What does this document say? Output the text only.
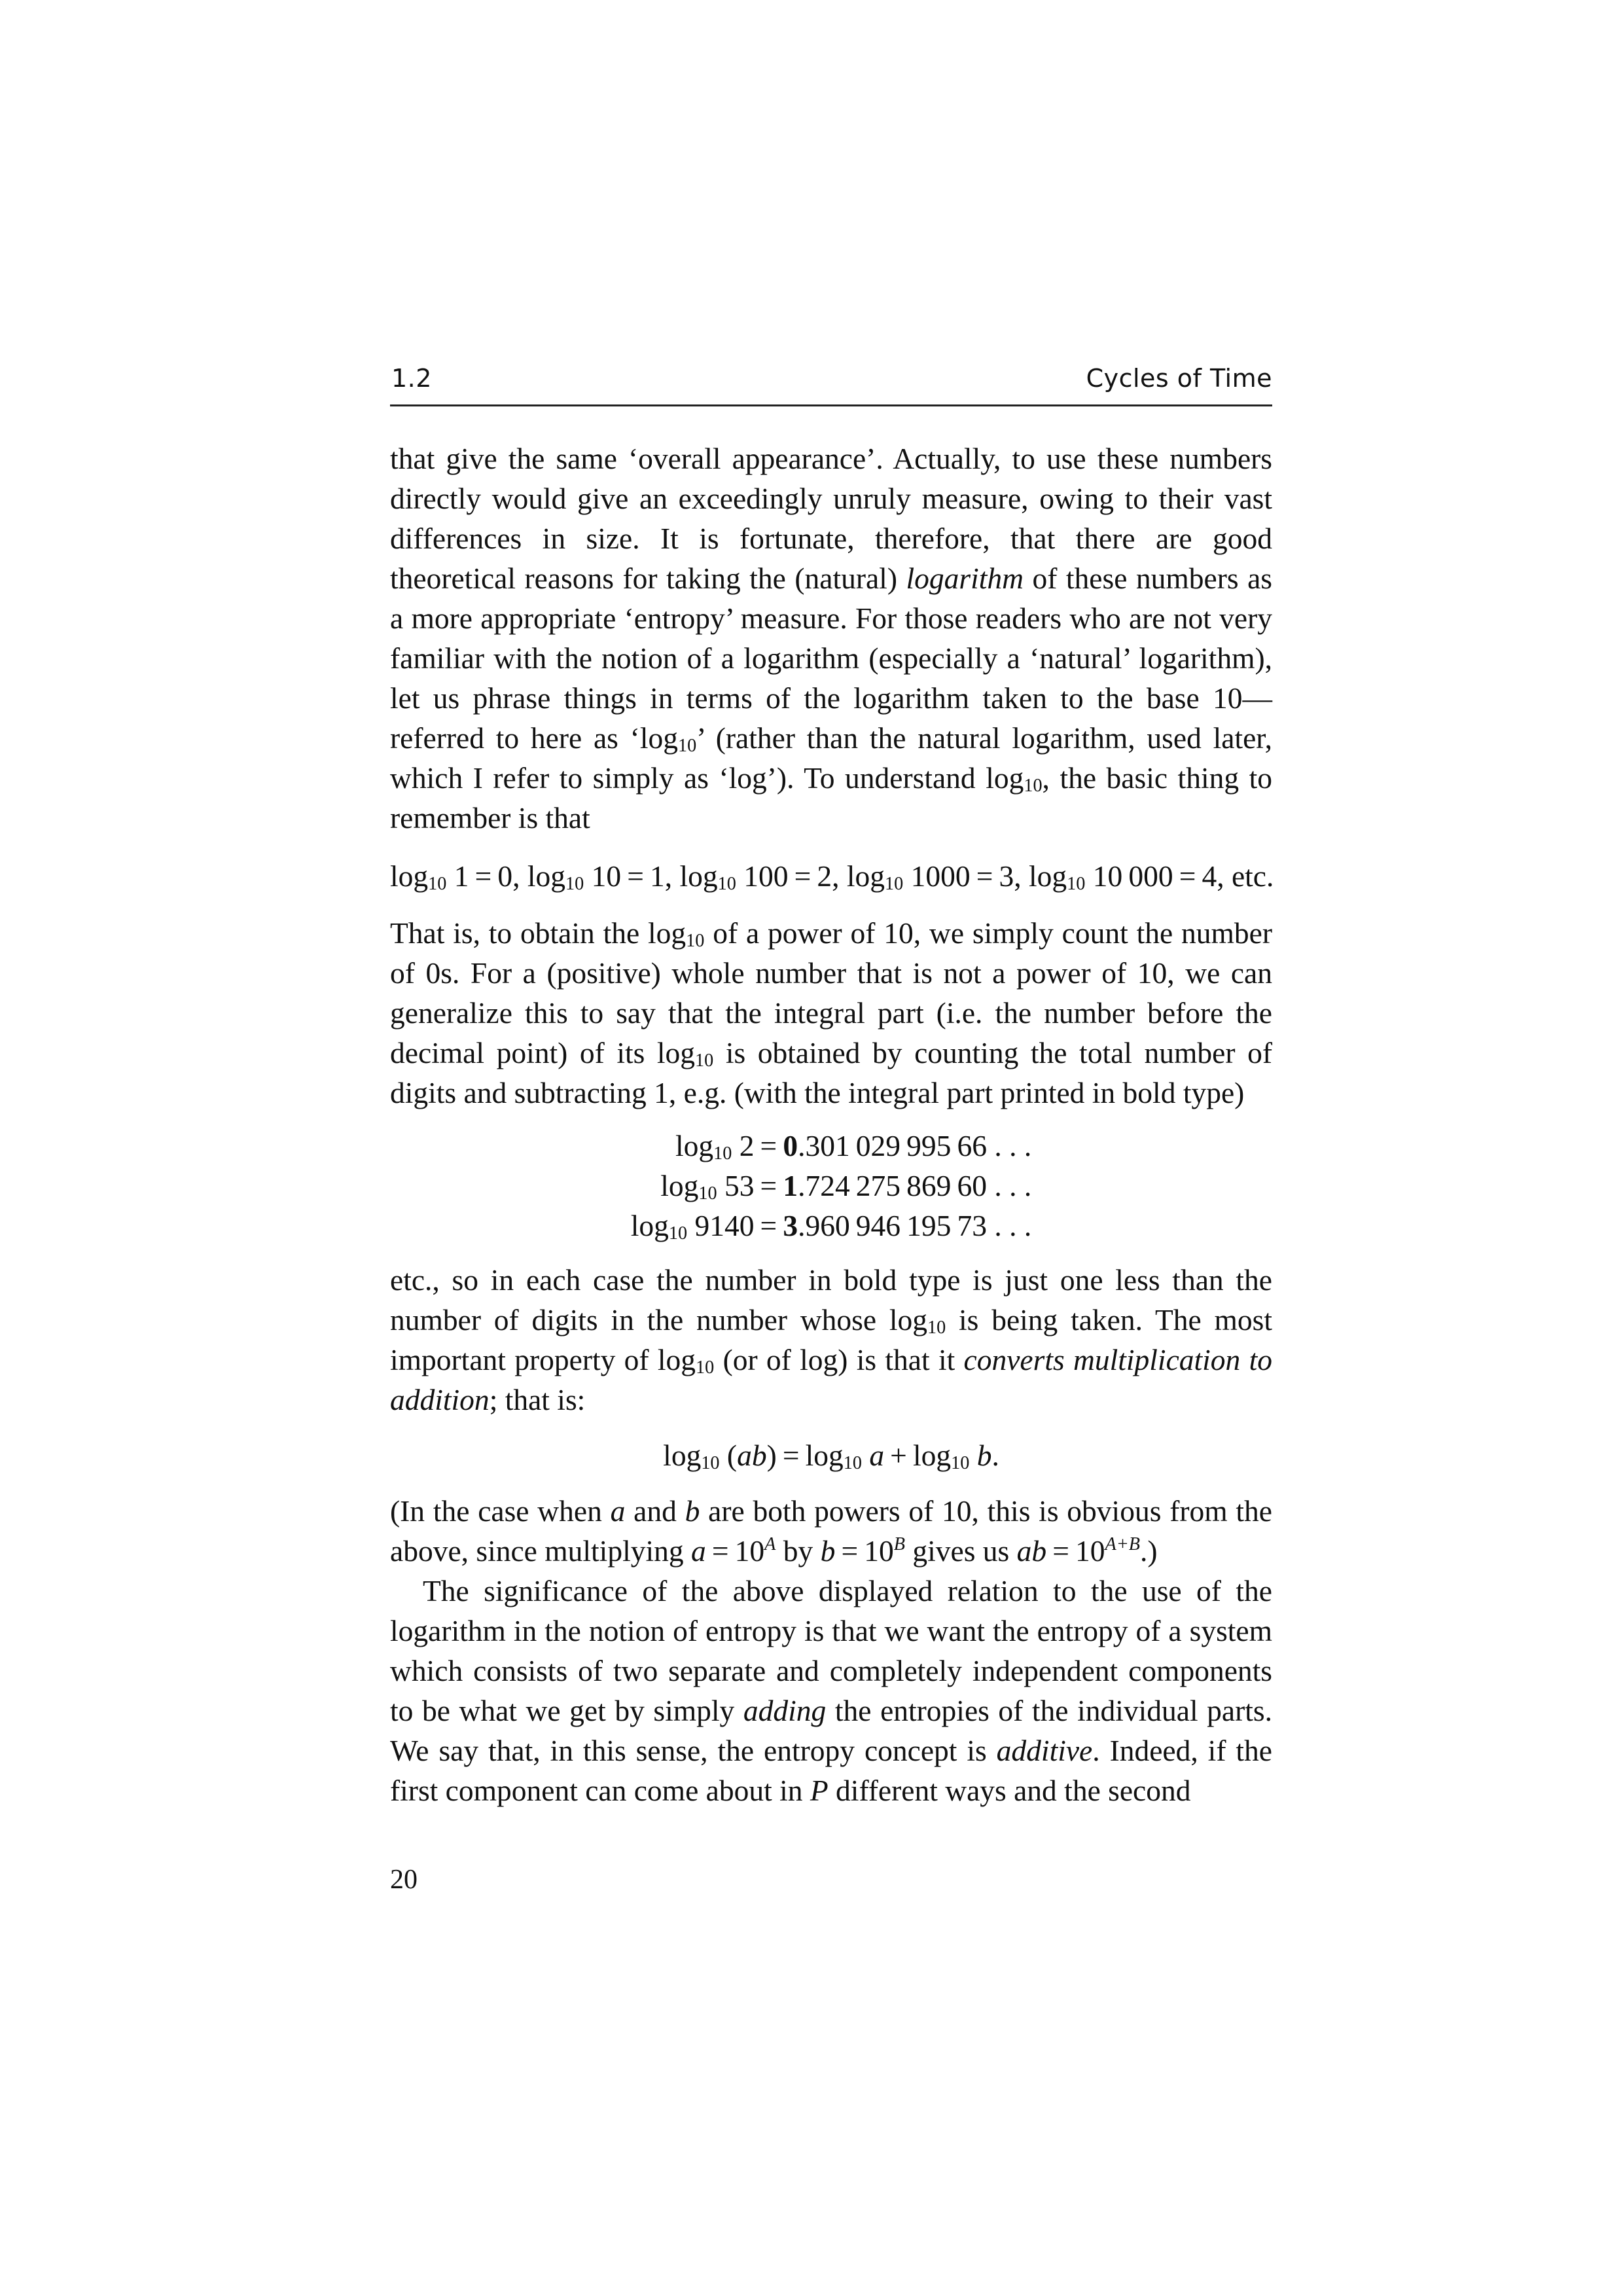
1.2	Cycles of Time

that give the same ‘overall appearance’. Actually, to use these numbers directly would give an exceedingly unruly measure, owing to their vast differences in size. It is fortunate, therefore, that there are good theoretical reasons for taking the (natural) logarithm of these numbers as a more appropriate ‘entropy’ measure. For those readers who are not very familiar with the notion of a logarithm (especially a ‘natural’ logarithm), let us phrase things in terms of the logarithm taken to the base 10—referred to here as ‘log10’ (rather than the natural logarithm, used later, which I refer to simply as ‘log’). To understand log10, the basic thing to remember is that

log10 1 = 0, log10 10 = 1, log10 100 = 2, log10 1000 = 3, log10 10 000 = 4, etc.

That is, to obtain the log10 of a power of 10, we simply count the number of 0s. For a (positive) whole number that is not a power of 10, we can generalize this to say that the integral part (i.e. the number before the decimal point) of its log10 is obtained by counting the total number of digits and subtracting 1, e.g. (with the integral part printed in bold type)

log10 2 = 	0.301 029 995 66 . . .
log10 53 = 	1.724 275 869 60 . . .
log10 9140 = 	3.960 946 195 73 . . .

etc., so in each case the number in bold type is just one less than the number of digits in the number whose log10 is being taken. The most important property of log10 (or of log) is that it converts multiplication to addition; that is:

log10 (ab) = log10 a + log10 b.

(In the case when a and b are both powers of 10, this is obvious from the above, since multiplying $a = 10^A$ by $b = 10^B$ gives us ab = $10^{A+B}$.)

The significance of the above displayed relation to the use of the logarithm in the notion of entropy is that we want the entropy of a system which consists of two separate and completely independent components to be what we get by simply adding the entropies of the individual parts. We say that, in this sense, the entropy concept is additive. Indeed, if the first component can come about in P different ways and the second

20
